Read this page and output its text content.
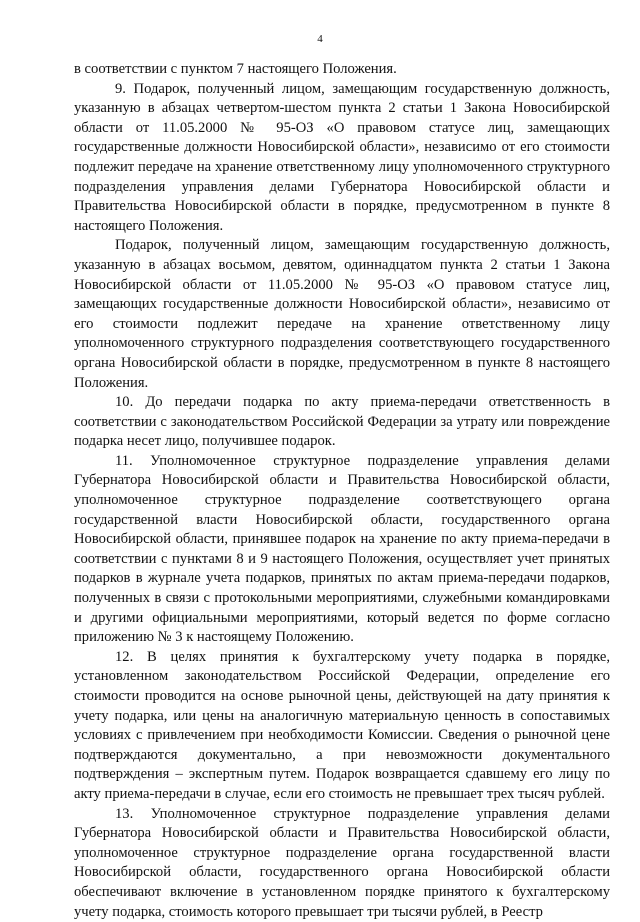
4

в соответствии с пунктом 7 настоящего Положения.

9. Подарок, полученный лицом, замещающим государственную должность, указанную в абзацах четвертом-шестом пункта 2 статьи 1 Закона Новосибирской области от 11.05.2000 № 95-ОЗ «О правовом статусе лиц, замещающих государственные должности Новосибирской области», независимо от его стоимости подлежит передаче на хранение ответственному лицу уполномоченного структурного подразделения управления делами Губернатора Новосибирской области и Правительства Новосибирской области в порядке, предусмотренном в пункте 8 настоящего Положения.

Подарок, полученный лицом, замещающим государственную должность, указанную в абзацах восьмом, девятом, одиннадцатом пункта 2 статьи 1 Закона Новосибирской области от 11.05.2000 № 95-ОЗ «О правовом статусе лиц, замещающих государственные должности Новосибирской области», независимо от его стоимости подлежит передаче на хранение ответственному лицу уполномоченного структурного подразделения соответствующего государственного органа Новосибирской области в порядке, предусмотренном в пункте 8 настоящего Положения.

10. До передачи подарка по акту приема-передачи ответственность в соответствии с законодательством Российской Федерации за утрату или повреждение подарка несет лицо, получившее подарок.

11. Уполномоченное структурное подразделение управления делами Губернатора Новосибирской области и Правительства Новосибирской области, уполномоченное структурное подразделение соответствующего органа государственной власти Новосибирской области, государственного органа Новосибирской области, принявшее подарок на хранение по акту приема-передачи в соответствии с пунктами 8 и 9 настоящего Положения, осуществляет учет принятых подарков в журнале учета подарков, принятых по актам приема-передачи подарков, полученных в связи с протокольными мероприятиями, служебными командировками и другими официальными мероприятиями, который ведется по форме согласно приложению № 3 к настоящему Положению.

12. В целях принятия к бухгалтерскому учету подарка в порядке, установленном законодательством Российской Федерации, определение его стоимости проводится на основе рыночной цены, действующей на дату принятия к учету подарка, или цены на аналогичную материальную ценность в сопоставимых условиях с привлечением при необходимости Комиссии. Сведения о рыночной цене подтверждаются документально, а при невозможности документального подтверждения – экспертным путем. Подарок возвращается сдавшему его лицу по акту приема-передачи в случае, если его стоимость не превышает трех тысяч рублей.

13. Уполномоченное структурное подразделение управления делами Губернатора Новосибирской области и Правительства Новосибирской области, уполномоченное структурное подразделение органа государственной власти Новосибирской области, государственного органа Новосибирской области обеспечивают включение в установленном порядке принятого к бухгалтерскому учету подарка, стоимость которого превышает три тысячи рублей, в Реестр
